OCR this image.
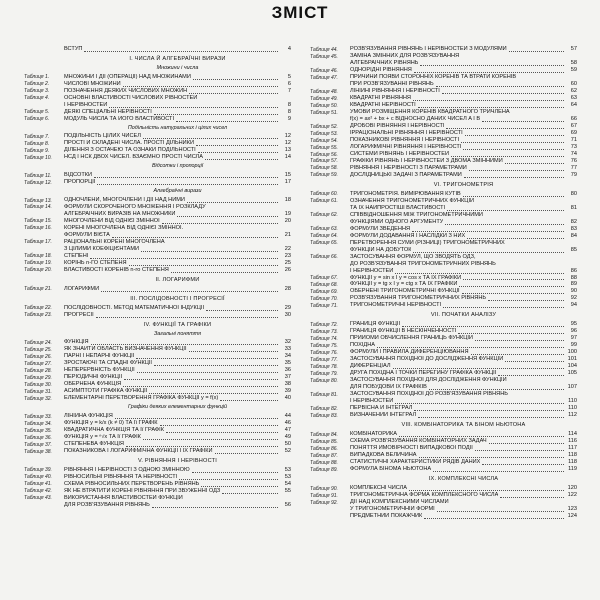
ЗМІСТ
ВСТУП	4
І. ЧИСЛА Й АЛГЕБРАЇЧНІ ВИРАЗИ
Множини і числа
Таблиця 1.	МНОЖИНИ І ДІЇ (ОПЕРАЦІЇ) НАД МНОЖИНАМИ	5
Таблиця 2.	ЧИСЛОВІ МНОЖИНИ	6
Таблиця 3.	ПОЗНАЧЕННЯ ДЕЯКИХ ЧИСЛОВИХ МНОЖИН	7
Таблиця 4.	ОСНОВНІ ВЛАСТИВОСТІ ЧИСЛОВИХ РІВНОСТЕЙ
І НЕРІВНОСТЕЙ	8
Таблиця 5.	ДЕЯКІ СПЕЦІАЛЬНІ НЕРІВНОСТІ	8
Таблиця 6.	МОДУЛЬ ЧИСЛА ТА ЙОГО ВЛАСТИВОСТІ	9
Подільність натуральних і цілих чисел
Таблиця 7.	ПОДІЛЬНІСТЬ ЦІЛИХ ЧИСЕЛ	12
Таблиця 8.	ПРОСТІ Й СКЛАДЕНІ ЧИСЛА. ПРОСТІ ДІЛЬНИКИ	12
Таблиця 9.	ДІЛЕННЯ З ОСТАЧЕЮ ТА ОЗНАКИ ПОДІЛЬНОСТІ	13
Таблиця 10.	НСД І НСК ДВОХ ЧИСЕЛ. ВЗАЄМНО ПРОСТІ ЧИСЛА	14
Відсотки і пропорції
Таблиця 11.	ВІДСОТКИ	15
Таблиця 12.	ПРОПОРЦІЇ	17
Алгебраїчні вирази
Таблиця 13.	ОДНОЧЛЕНИ, МНОГОЧЛЕНИ І ДІЇ НАД НИМИ	18
Таблиця 14.	ФОРМУЛИ СКОРОЧЕНОГО МНОЖЕННЯ І РОЗКЛАДУ
АЛГЕБРАЇЧНИХ ВИРАЗІВ НА МНОЖНИКИ	19
Таблиця 15.	МНОГОЧЛЕНИ ВІД ОДНІЄЇ ЗМІННОЇ	20
Таблиця 16.	КОРЕНІ МНОГОЧЛЕНА ВІД ОДНІЄЇ ЗМІННОЇ.
ФОРМУЛИ ВІЄТА	21
Таблиця 17.	РАЦІОНАЛЬНІ КОРЕНІ МНОГОЧЛЕНА
З ЦІЛИМИ КОЕФІЦІЄНТАМИ	22
Таблиця 18.	СТЕПЕНІ	23
Таблиця 19.	КОРІНЬ n-ГО СТЕПЕНЯ	25
Таблиця 20.	ВЛАСТИВОСТІ КОРЕНІВ n-го СТЕПЕНЯ	26
ІІ. ЛОГАРИФМИ
Таблиця 21.	ЛОГАРИФМИ	28
ІІІ. ПОСЛІДОВНОСТІ І ПРОГРЕСІЇ
Таблиця 22.	ПОСЛІДОВНОСТІ. МЕТОД МАТЕМАТИЧНОЇ ІНДУКЦІЇ	29
Таблиця 23.	ПРОГРЕСІЇ	30
IV. ФУНКЦІЇ ТА ГРАФІКИ
Загальні поняття
Таблиця 24.	ФУНКЦІЯ	32
Таблиця 25.	ЯК ЗНАЙТИ ОБЛАСТЬ ВИЗНАЧЕННЯ ФУНКЦІЇ	33
Таблиця 26.	ПАРНІ І НЕПАРНІ ФУНКЦІЇ	34
Таблиця 27.	ЗРОСТАЮЧІ ТА СПАДНІ ФУНКЦІЇ	35
Таблиця 28.	НЕПЕРЕРВНІСТЬ ФУНКЦІЇ	36
Таблиця 29.	ПЕРІОДИЧНІ ФУНКЦІЇ	37
Таблиця 30.	ОБЕРНЕНА ФУНКЦІЯ	38
Таблиця 31.	АСИМПТОТИ ГРАФІКА ФУНКЦІЇ	39
Таблиця 32.	ЕЛЕМЕНТАРНІ ПЕРЕТВОРЕННЯ ГРАФІКА ФУНКЦІЇ y = f(x)	40
Графіки деяких елементарних функцій
Таблиця 33.	ЛІНІЙНА ФУНКЦІЯ	44
Таблиця 34.	ФУНКЦІЯ y = k/x (k ≠ 0) ТА Її ГРАФІК	46
Таблиця 35.	КВАДРАТИЧНА ФУНКЦІЯ ТА Її ГРАФІК	47
Таблиця 36.	ФУНКЦІЯ y = ⁿ√x ТА Її ГРАФІК	49
Таблиця 37.	СТЕПЕНЕВА ФУНКЦІЯ	50
Таблиця 38.	ПОКАЗНИКОВА І ЛОГАРИФМІЧНА ФУНКЦІЇ І ЇХ ГРАФІКИ	52
V. РІВНЯННЯ І НЕРІВНОСТІ
Таблиця 39.	РІВНЯННЯ І НЕРІВНОСТІ З ОДНОЮ ЗМІННОЮ	53
Таблиця 40.	РІВНОСИЛЬНІ РІВНЯННЯ ТА НЕРІВНОСТІ	53
Таблиця 41.	СХЕМА РІВНОСИЛЬНИХ ПЕРЕТВОРЕНЬ РІВНЯНЬ	54
Таблиця 42.	ЯК НЕ ВТРАТИТИ КОРЕНІ РІВНЯННЯ ПРИ ЗВУЖЕННІ ОДЗ	55
Таблиця 43.	ВИКОРИСТАННЯ ВЛАСТИВОСТЕЙ ФУНКЦІЙ
ДЛЯ РОЗВ'ЯЗУВАННЯ РІВНЯНЬ	56
Таблиця 44.	РОЗВ'ЯЗУВАННЯ РІВНЯНЬ І НЕРІВНОСТЕЙ З МОДУЛЯМИ	57
Таблиця 45.	ЗАМІНА ЗМІННИХ ДЛЯ РОЗВ'ЯЗУВАННЯ
АЛГЕБРАЇЧНИХ РІВНЯНЬ	58
Таблиця 46.	ОДНОРІДНІ РІВНЯННЯ	59
Таблиця 47.	ПРИЧИНИ ПОЯВИ СТОРОННІХ КОРЕНІВ ТА ВТРАТИ КОРЕНІВ
ПРИ РОЗВ'ЯЗУВАННІ РІВНЯНЬ	60
Таблиця 48.	ЛІНІЙНІ РІВНЯННЯ І НЕРІВНОСТІ	62
Таблиця 49.	КВАДРАТНІ РІВНЯННЯ	63
Таблиця 50.	КВАДРАТНІ НЕРІВНОСТІ	64
Таблиця 51.	УМОВИ РОЗМІЩЕННЯ КОРЕНІВ КВАДРАТНОГО ТРИЧЛЕНА
f(x) = ax² + bx + c ВІДНОСНО ДАНИХ ЧИСЕЛ A І B	66
Таблиця 52.	ДРОБОВІ РІВНЯННЯ І НЕРІВНОСТІ	67
Таблиця 53.	ІРРАЦІОНАЛЬНІ РІВНЯННЯ І НЕРІВНОСТІ	69
Таблиця 54.	ПОКАЗНИКОВІ РІВНЯННЯ І НЕРІВНОСТІ	71
Таблиця 55.	ЛОГАРИФМІЧНІ РІВНЯННЯ І НЕРІВНОСТІ	73
Таблиця 56.	СИСТЕМИ РІВНЯНЬ І НЕРІВНОСТЕЙ	74
Таблиця 57.	ГРАФІКИ РІВНЯНЬ І НЕРІВНОСТЕЙ З ДВОМА ЗМІННИМИ	76
Таблиця 58.	РІВНЯННЯ І НЕРІВНОСТІ З ПАРАМЕТРАМИ	77
Таблиця 59.	ДОСЛІДНИЦЬКІ ЗАДАЧІ З ПАРАМЕТРАМИ	79
VI. ТРИГОНОМЕТРІЯ
Таблиця 60.	ТРИГОНОМЕТРІЯ. ВИМІРЮВАННЯ КУТІВ	80
Таблиця 61.	ОЗНАЧЕННЯ ТРИГОНОМЕТРИЧНИХ ФУНКЦІЙ
ТА ЇХ НАЙПРОСТІШІ ВЛАСТИВОСТІ	81
Таблиця 62.	СПІВВІДНОШЕННЯ МІЖ ТРИГОНОМЕТРИЧНИМИ
ФУНКЦІЯМИ ОДНОГО АРГУМЕНТУ	82
Таблиця 63.	ФОРМУЛИ ЗВЕДЕННЯ	83
Таблиця 64.	ФОРМУЛИ ДОДАВАННЯ І НАСЛІДКИ З НИХ	84
Таблиця 65.	ПЕРЕТВОРЕННЯ СУМИ (РІЗНИЦІ) ТРИГОНОМЕТРИЧНИХ
ФУНКЦІЙ НА ДОБУТОК	85
Таблиця 66.	ЗАСТОСУВАННЯ ФОРМУЛ, ЩО ЗВОДЯТЬ ОДЗ,
ДО РОЗВ'ЯЗУВАННЯ ТРИГОНОМЕТРИЧНИХ РІВНЯНЬ
І НЕРІВНОСТЕЙ	86
Таблиця 67.	ФУНКЦІЇ y = sin x І y = cos x ТА ЇХ ГРАФІКИ	88
Таблиця 68.	ФУНКЦІЇ y = tg x І y = ctg x ТА ЇХ ГРАФІКИ	89
Таблиця 69.	ОБЕРНЕНІ ТРИГОНОМЕТРИЧНІ ФУНКЦІЇ	90
Таблиця 70.	РОЗВ'ЯЗУВАННЯ ТРИГОНОМЕТРИЧНИХ РІВНЯНЬ	92
Таблиця 71.	ТРИГОНОМЕТРИЧНІ НЕРІВНОСТІ	94
VII. ПОЧАТКИ АНАЛІЗУ
Таблиця 72.	ГРАНИЦЯ ФУНКЦІЇ	95
Таблиця 73.	ГРАНИЦЯ ФУНКЦІЇ В НЕСКІНЧЕННОСТІ	96
Таблиця 74.	ПРИЙОМИ ОБЧИСЛЕННЯ ГРАНИЦЬ ФУНКЦІЙ	97
Таблиця 75.	ПОХІДНА	99
Таблиця 76.	ФОРМУЛИ І ПРАВИЛА ДИФЕРЕНЦІЮВАННЯ	100
Таблиця 77.	ЗАСТОСУВАННЯ ПОХІДНОЇ ДО ДОСЛІДЖЕННЯ ФУНКЦІЙ	101
Таблиця 78.	ДИФЕРЕНЦІАЛ	104
Таблиця 79.	ДРУГА ПОХІДНА І ТОЧКИ ПЕРЕГИНУ ГРАФІКА ФУНКЦІЇ	105
Таблиця 80.	ЗАСТОСУВАННЯ ПОХІДНОЇ ДЛЯ ДОСЛІДЖЕННЯ ФУНКЦІЙ
ДЛЯ ПОБУДОВИ ЇХ ГРАФІКІВ	107
Таблиця 81.	ЗАСТОСУВАННЯ ПОХІДНОЇ ДО РОЗВ'ЯЗУВАННЯ РІВНЯНЬ
І НЕРІВНОСТЕЙ	110
Таблиця 82.	ПЕРВІСНА Й ІНТЕГРАЛ	110
Таблиця 83.	ВИЗНАЧЕНИЙ ІНТЕГРАЛ	112
VIII. КОМБІНАТОРИКА ТА БІНОМ НЬЮТОНА
Таблиця 84.	КОМБІНАТОРИКА	114
Таблиця 85.	СХЕМА РОЗВ'ЯЗУВАННЯ КОМБІНАТОРНИХ ЗАДАЧ	116
Таблиця 86.	ПОНЯТТЯ ЙМОВІРНОСТІ ВИПАДКОВОЇ ПОДІЇ	117
Таблиця 87.	ВИПАДКОВА ВЕЛИЧИНА	118
Таблиця 88.	СТАТИСТИЧНІ ХАРАКТЕРИСТИКИ РЯДІВ ДАНИХ	118
Таблиця 89.	ФОРМУЛА БІНОМА НЬЮТОНА	119
IX. КОМПЛЕКСНІ ЧИСЛА
Таблиця 90.	КОМПЛЕКСНІ ЧИСЛА	120
Таблиця 91.	ТРИГОНОМЕТРИЧНА ФОРМА КОМПЛЕКСНОГО ЧИСЛА	122
Таблиця 92.	ДІЇ НАД КОМПЛЕКСНИМИ ЧИСЛАМИ
У ТРИГОНОМЕТРИЧНІЙ ФОРМІ	123
ПРЕДМЕТНИЙ ПОКАЖЧИК	124
